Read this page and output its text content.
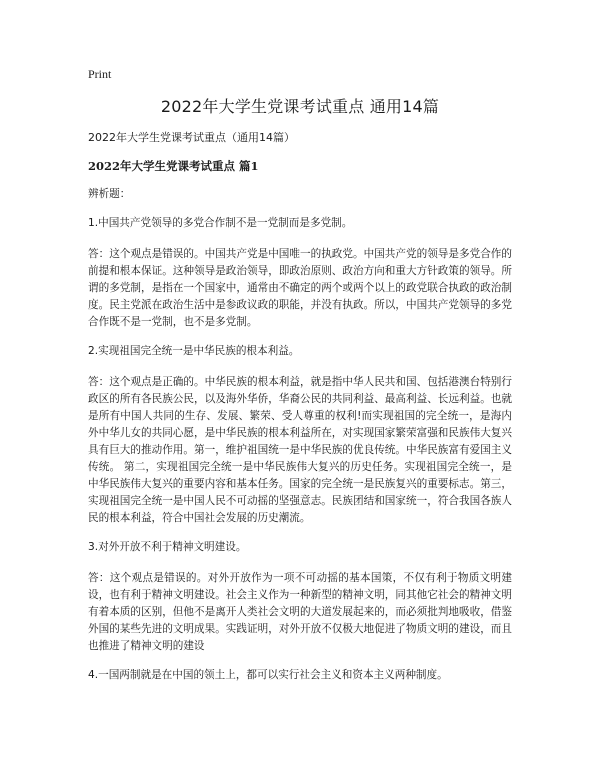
Print
2022年大学生党课考试重点 通用14篇
2022年大学生党课考试重点（通用14篇）
2022年大学生党课考试重点 篇1

辨析题：

1.中国共产党领导的多党合作制不是一党制而是多党制。

答：这个观点是错误的。中国共产党是中国唯一的执政党。中国共产党的领导是多党合作的前提和根本保证。这种领导是政治领导，即政治原则、政治方向和重大方针政策的领导。所谓的多党制，是指在一个国家中，通常由不确定的两个或两个以上的政党联合执政的政治制度。民主党派在政治生活中是参政议政的职能，并没有执政。所以，中国共产党领导的多党合作既不是一党制，也不是多党制。

2.实现祖国完全统一是中华民族的根本利益。

答：这个观点是正确的。中华民族的根本利益，就是指中华人民共和国、包括港澳台特别行政区的所有各民族公民，以及海外华侨，华裔公民的共同利益、最高利益、长远利益。也就是所有中国人共同的生存、发展、繁荣、受人尊重的权利!而实现祖国的完全统一，是海内外中华儿女的共同心愿，是中华民族的根本利益所在，对实现国家繁荣富强和民族伟大复兴具有巨大的推动作用。第一，维护祖国统一是中华民族的优良传统。中华民族富有爱国主义传统。 第二，实现祖国完全统一是中华民族伟大复兴的历史任务。实现祖国完全统一，是中华民族伟大复兴的重要内容和基本任务。国家的完全统一是民族复兴的重要标志。第三，实现祖国完全统一是中国人民不可动摇的坚强意志。民族团结和国家统一，符合我国各族人民的根本利益，符合中国社会发展的历史潮流。

3.对外开放不利于精神文明建设。

答：这个观点是错误的。对外开放作为一项不可动摇的基本国策，不仅有利于物质文明建设，也有利于精神文明建设。社会主义作为一种新型的精神文明，同其他它社会的精神文明有着本质的区别，但他不是离开人类社会文明的大道发展起来的，而必须批判地吸收，借鉴外国的某些先进的文明成果。实践证明，对外开放不仅极大地促进了物质文明的建设，而且也推进了精神文明的建设

4.一国两制就是在中国的领土上，都可以实行社会主义和资本主义两种制度。
